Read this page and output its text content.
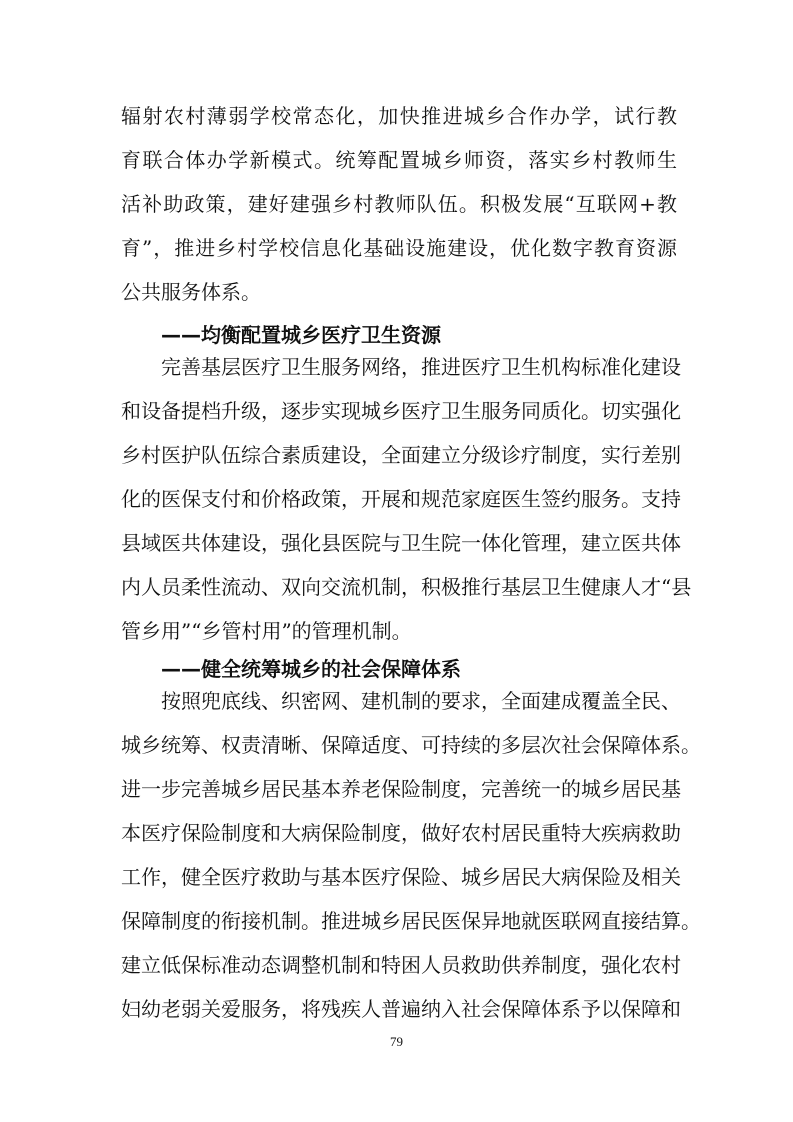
辐射农村薄弱学校常态化，加快推进城乡合作办学，试行教
育联合体办学新模式。统筹配置城乡师资，落实乡村教师生
活补助政策，建好建强乡村教师队伍。积极发展“互联网+教
育”，推进乡村学校信息化基础设施建设，优化数字教育资源
公共服务体系。
——均衡配置城乡医疗卫生资源
完善基层医疗卫生服务网络，推进医疗卫生机构标准化建设
和设备提档升级，逐步实现城乡医疗卫生服务同质化。切实强化
乡村医护队伍综合素质建设，全面建立分级诊疗制度，实行差别
化的医保支付和价格政策，开展和规范家庭医生签约服务。支持
县域医共体建设，强化县医院与卫生院一体化管理，建立医共体
内人员柔性流动、双向交流机制，积极推行基层卫生健康人才“县
管乡用”“乡管村用”的管理机制。
——健全统筹城乡的社会保障体系
按照兜底线、织密网、建机制的要求，全面建成覆盖全民、
城乡统筹、权责清晰、保障适度、可持续的多层次社会保障体系。
进一步完善城乡居民基本养老保险制度，完善统一的城乡居民基
本医疗保险制度和大病保险制度，做好农村居民重特大疾病救助
工作，健全医疗救助与基本医疗保险、城乡居民大病保险及相关
保障制度的衔接机制。推进城乡居民医保异地就医联网直接结算。
建立低保标准动态调整机制和特困人员救助供养制度，强化农村
妇幼老弱关爱服务，将残疾人普遍纳入社会保障体系予以保障和
79
